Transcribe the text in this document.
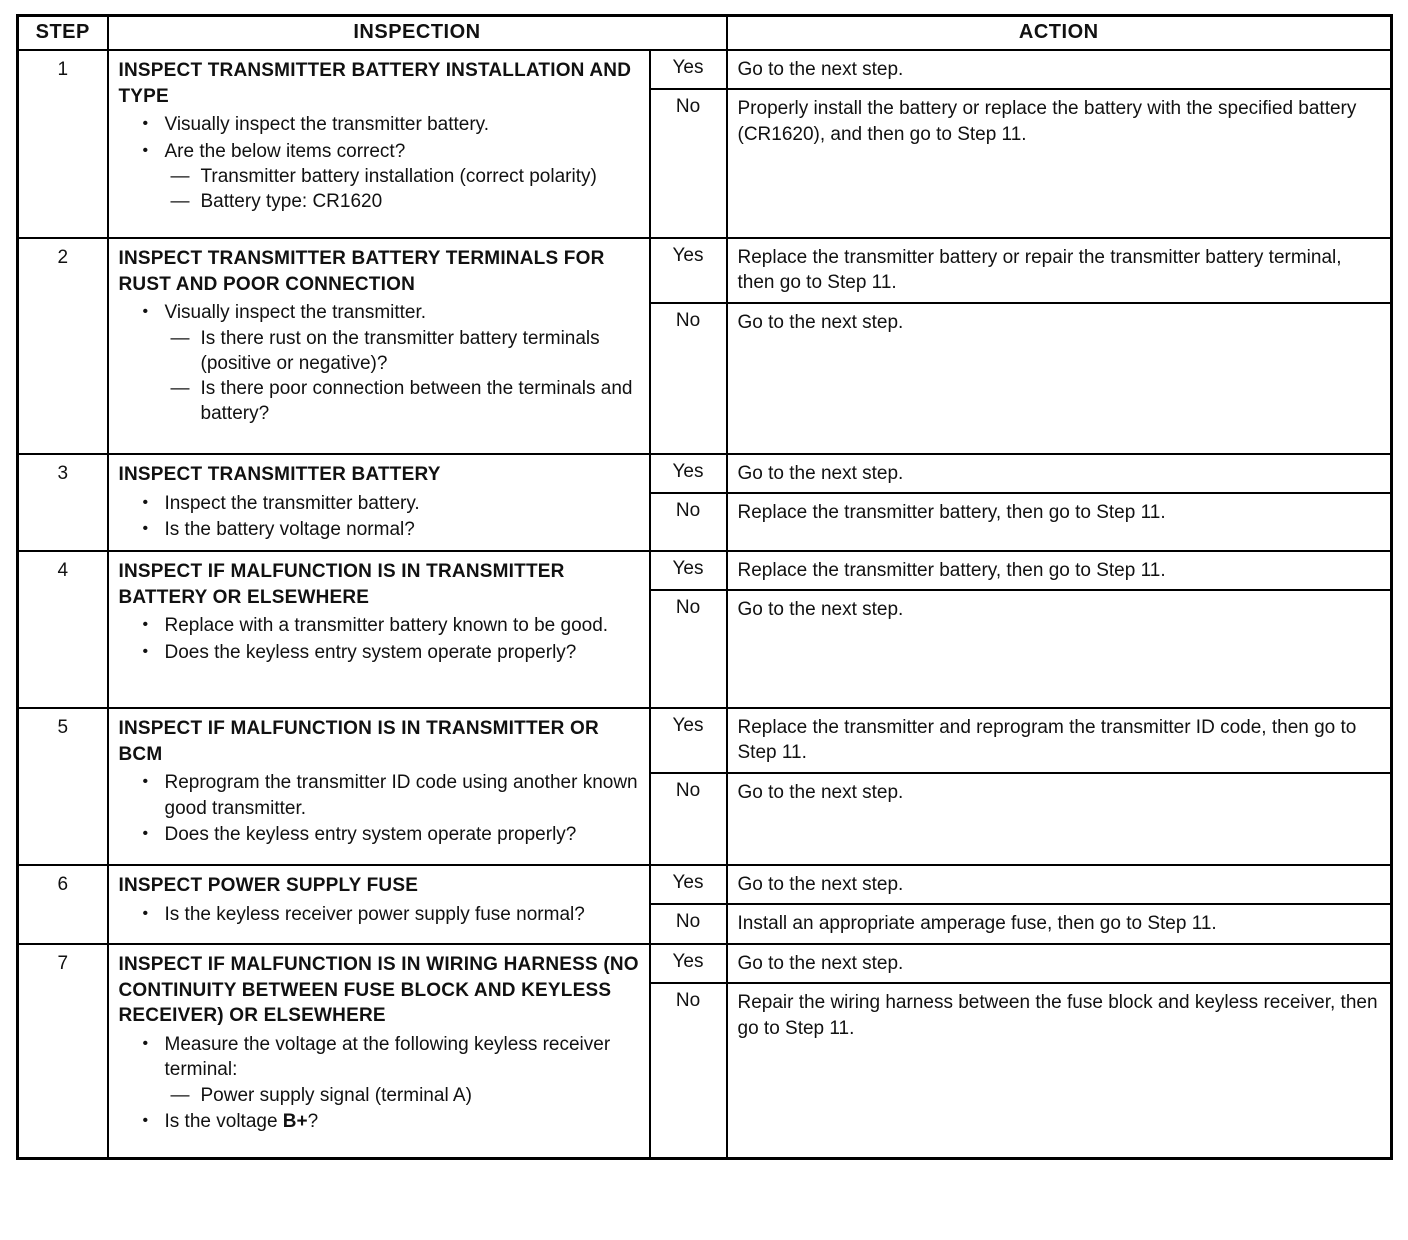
STEP	INSPECTION		ACTION
1	INSPECT TRANSMITTER BATTERY INSTALLATION AND TYPE
• Visually inspect the transmitter battery.
• Are the below items correct?
— Transmitter battery installation (correct polarity)
— Battery type: CR1620
	Yes	Go to the next step.
		No	Properly install the battery or replace the battery with the specified battery (CR1620), and then go to Step 11.
2	INSPECT TRANSMITTER BATTERY TERMINALS FOR RUST AND POOR CONNECTION
• Visually inspect the transmitter.
— Is there rust on the transmitter battery terminals (positive or negative)?
— Is there poor connection between the terminals and battery?
	Yes	Replace the transmitter battery or repair the transmitter battery terminal, then go to Step 11.
		No	Go to the next step.
3	INSPECT TRANSMITTER BATTERY
• Inspect the transmitter battery.
• Is the battery voltage normal?	Yes	Go to the next step.
		No	Replace the transmitter battery, then go to Step 11.
4	INSPECT IF MALFUNCTION IS IN TRANSMITTER BATTERY OR ELSEWHERE
• Replace with a transmitter battery known to be good.
• Does the keyless entry system operate properly?	Yes	Replace the transmitter battery, then go to Step 11.
		No	Go to the next step.
5	INSPECT IF MALFUNCTION IS IN TRANSMITTER OR BCM
• Reprogram the transmitter ID code using another known good transmitter.
• Does the keyless entry system operate properly?	Yes	Replace the transmitter and reprogram the transmitter ID code, then go to Step 11.
		No	Go to the next step.
6	INSPECT POWER SUPPLY FUSE
• Is the keyless receiver power supply fuse normal?	Yes	Go to the next step.
		No	Install an appropriate amperage fuse, then go to Step 11.
7	INSPECT IF MALFUNCTION IS IN WIRING HARNESS (NO CONTINUITY BETWEEN FUSE BLOCK AND KEYLESS RECEIVER) OR ELSEWHERE
• Measure the voltage at the following keyless receiver terminal:
— Power supply signal (terminal A)
• Is the voltage B+?
	Yes	Go to the next step.
		No	Repair the wiring harness between the fuse block and keyless receiver, then go to Step 11.
